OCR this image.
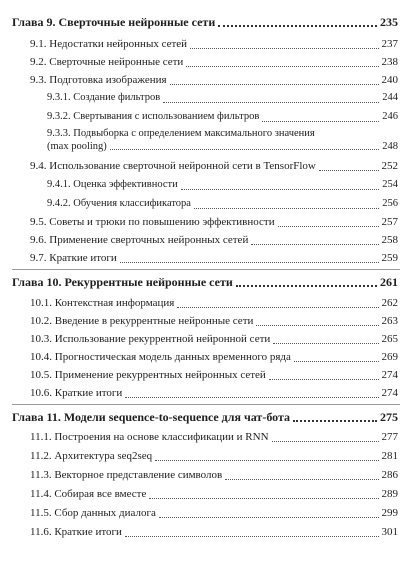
Глава 9. Сверточные нейронные сети	235
9.1. Недостатки нейронных сетей	237
9.2. Сверточные нейронные сети	238
9.3. Подготовка изображения	240
9.3.1. Создание фильтров	244
9.3.2. Свертывания с использованием фильтров	246
9.3.3. Подвыборка с определением максимального значения
(max pooling)	248
9.4. Использование сверточной нейронной сети в TensorFlow	252
9.4.1. Оценка эффективности	254
9.4.2. Обучения классификатора	256
9.5. Советы и трюки по повышению эффективности	257
9.6. Применение сверточных нейронных сетей	258
9.7. Краткие итоги	259
Глава 10. Рекуррентные нейронные сети	261
10.1. Контекстная информация	262
10.2. Введение в рекуррентные нейронные сети	263
10.3. Использование рекуррентной нейронной сети	265
10.4. Прогностическая модель данных временного ряда	269
10.5. Применение рекуррентных нейронных сетей	274
10.6. Краткие итоги	274
Глава 11. Модели sequence-to-sequence для чат-бота	275
11.1. Построения на основе классификации и RNN	277
11.2. Архитектура seq2seq	281
11.3. Векторное представление символов	286
11.4. Собирая все вместе	289
11.5. Сбор данных диалога	299
11.6. Краткие итоги	301
